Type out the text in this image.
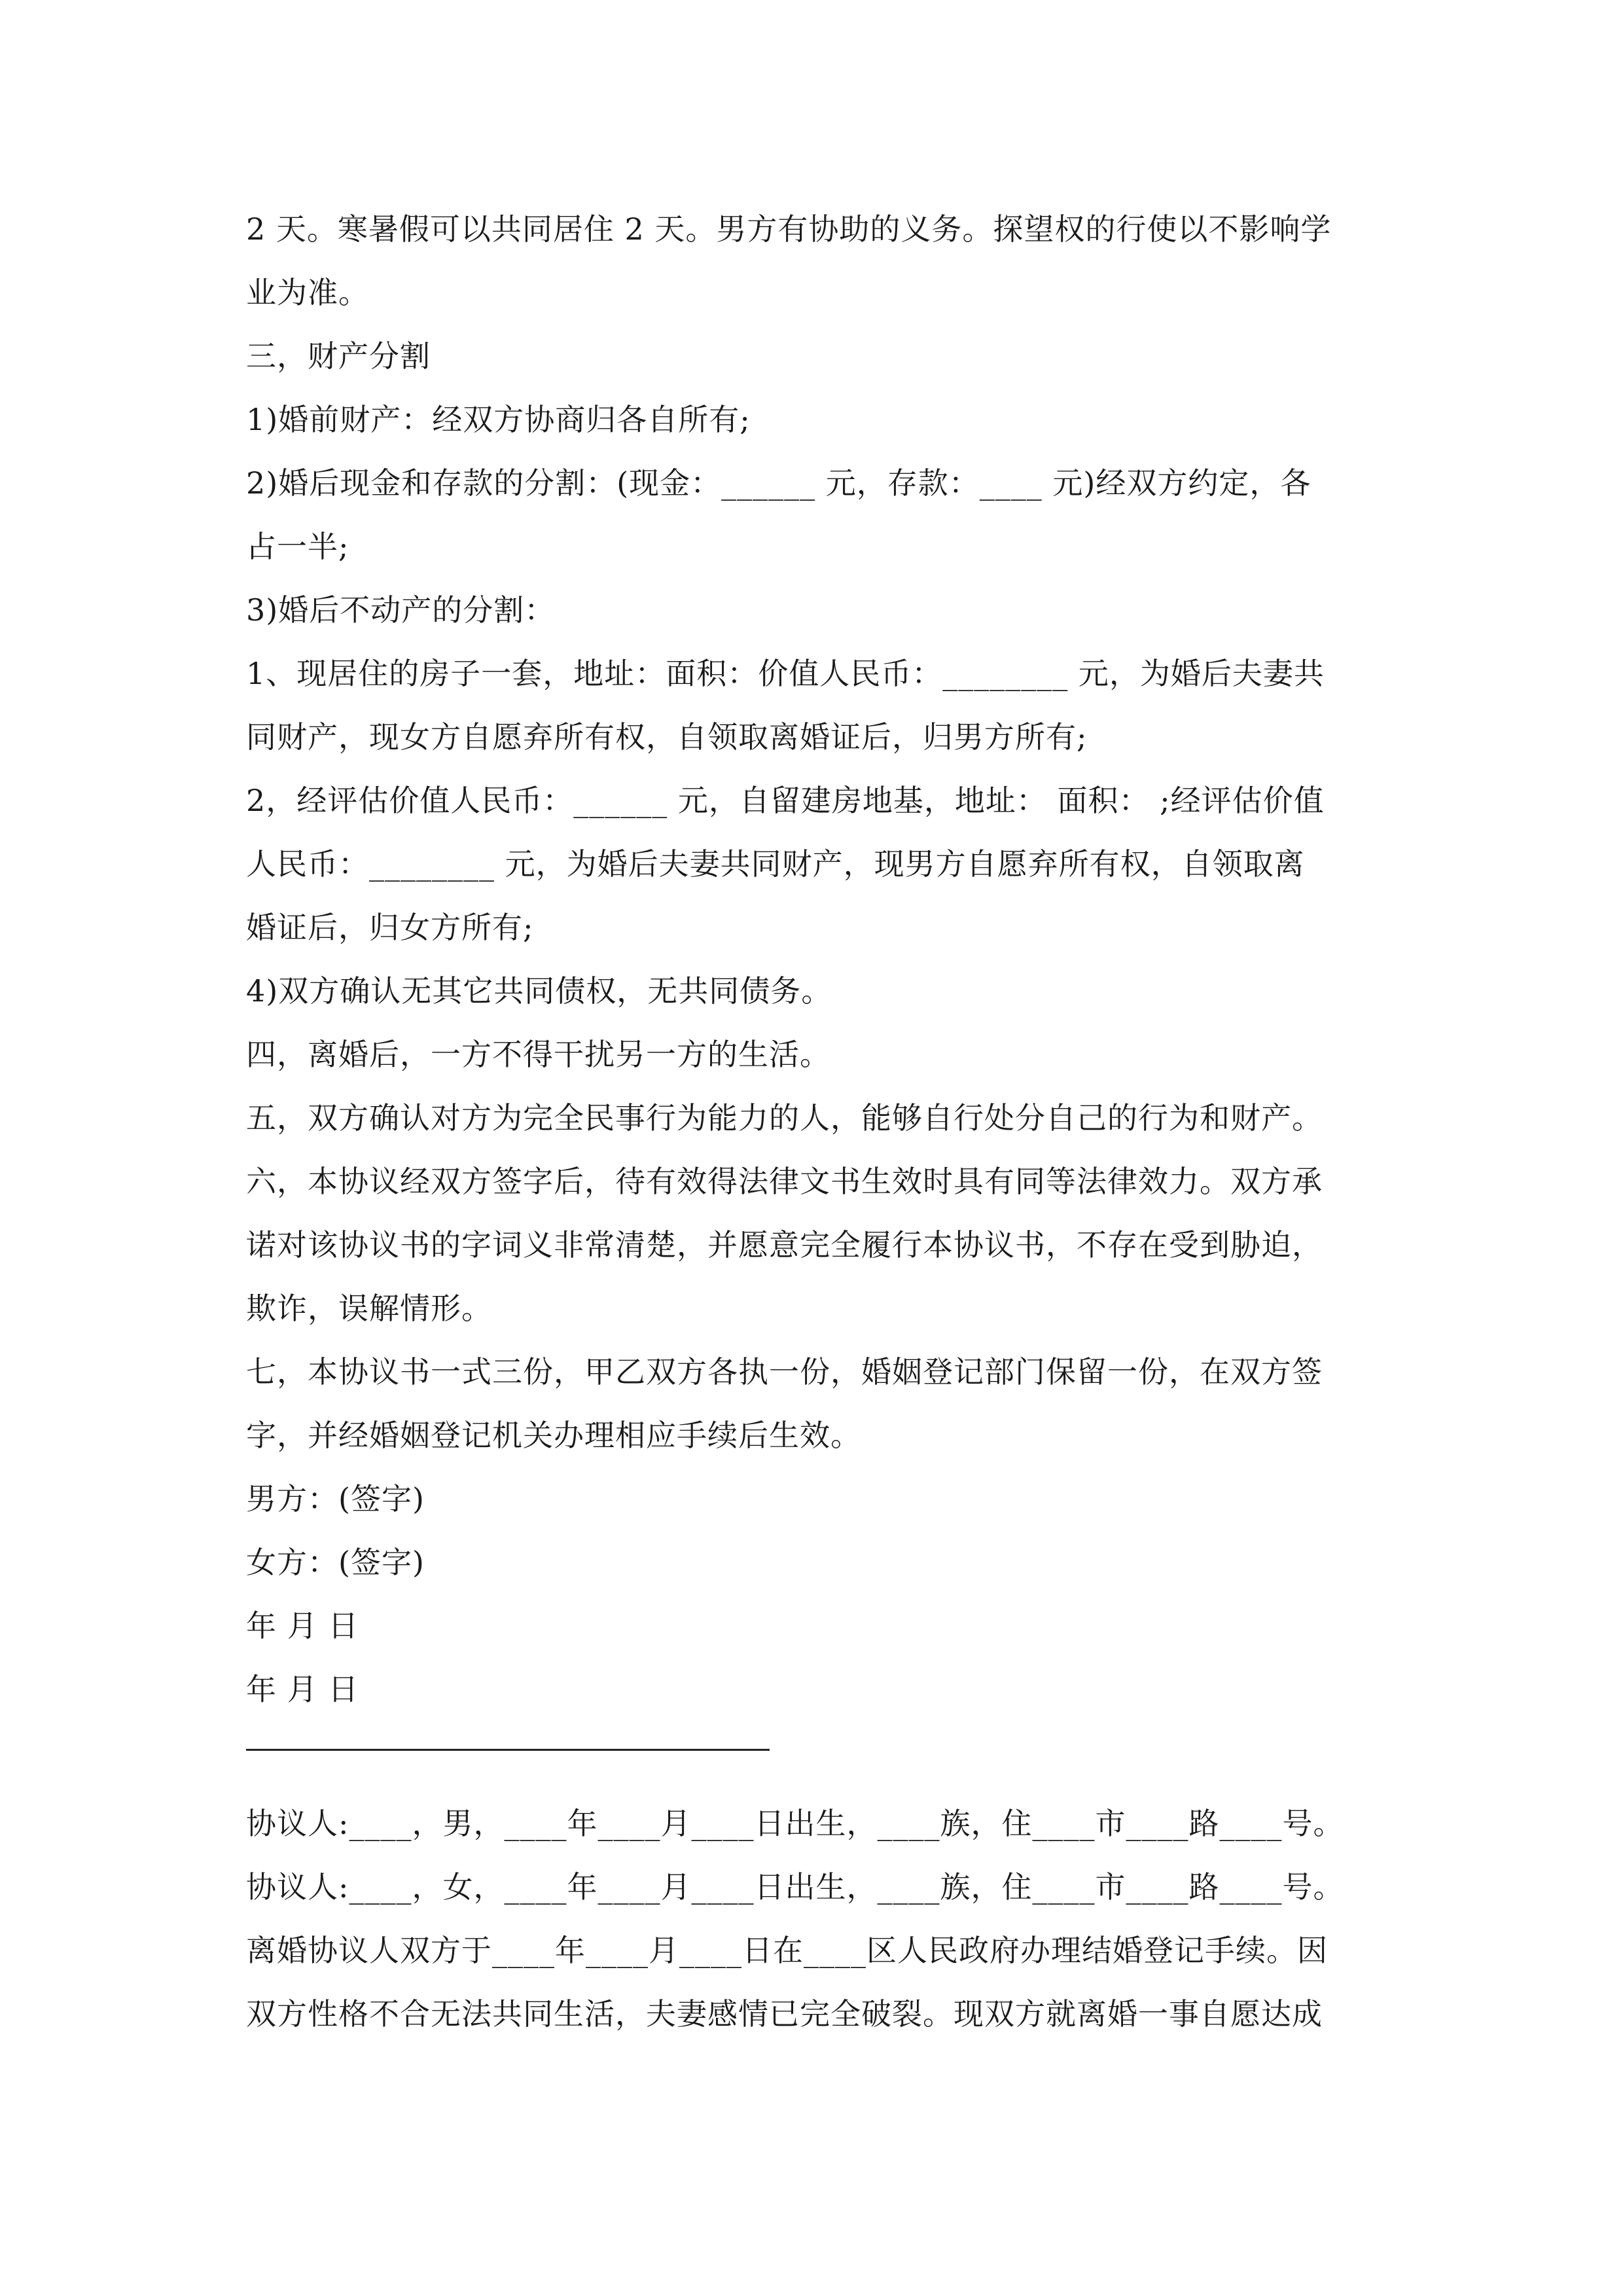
2 天。寒暑假可以共同居住 2 天。男方有协助的义务。探望权的行使以不影响学
业为准。
三，财产分割
1)婚前财产：经双方协商归各自所有;
2)婚后现金和存款的分割：(现金：______ 元，存款：____ 元)经双方约定，各
占一半;
3)婚后不动产的分割：
1、现居住的房子一套，地址：面积：价值人民币：________ 元，为婚后夫妻共
同财产，现女方自愿弃所有权，自领取离婚证后，归男方所有;
2，经评估价值人民币：______ 元，自留建房地基，地址： 面积： ;经评估价值
人民币：________ 元，为婚后夫妻共同财产，现男方自愿弃所有权，自领取离
婚证后，归女方所有;
4)双方确认无其它共同债权，无共同债务。
四，离婚后，一方不得干扰另一方的生活。
五，双方确认对方为完全民事行为能力的人，能够自行处分自己的行为和财产。
六，本协议经双方签字后，待有效得法律文书生效时具有同等法律效力。双方承
诺对该协议书的字词义非常清楚，并愿意完全履行本协议书，不存在受到胁迫，
欺诈，误解情形。
七，本协议书一式三份，甲乙双方各执一份，婚姻登记部门保留一份，在双方签
字，并经婚姻登记机关办理相应手续后生效。
男方：(签字)
女方：(签字)
年 月 日
年 月 日
协议人:____，男，____年____月____日出生，____族，住____市____路____号。
协议人:____，女，____年____月____日出生，____族，住____市____路____号。
离婚协议人双方于____年____月____日在____区人民政府办理结婚登记手续。因
双方性格不合无法共同生活，夫妻感情已完全破裂。现双方就离婚一事自愿达成
